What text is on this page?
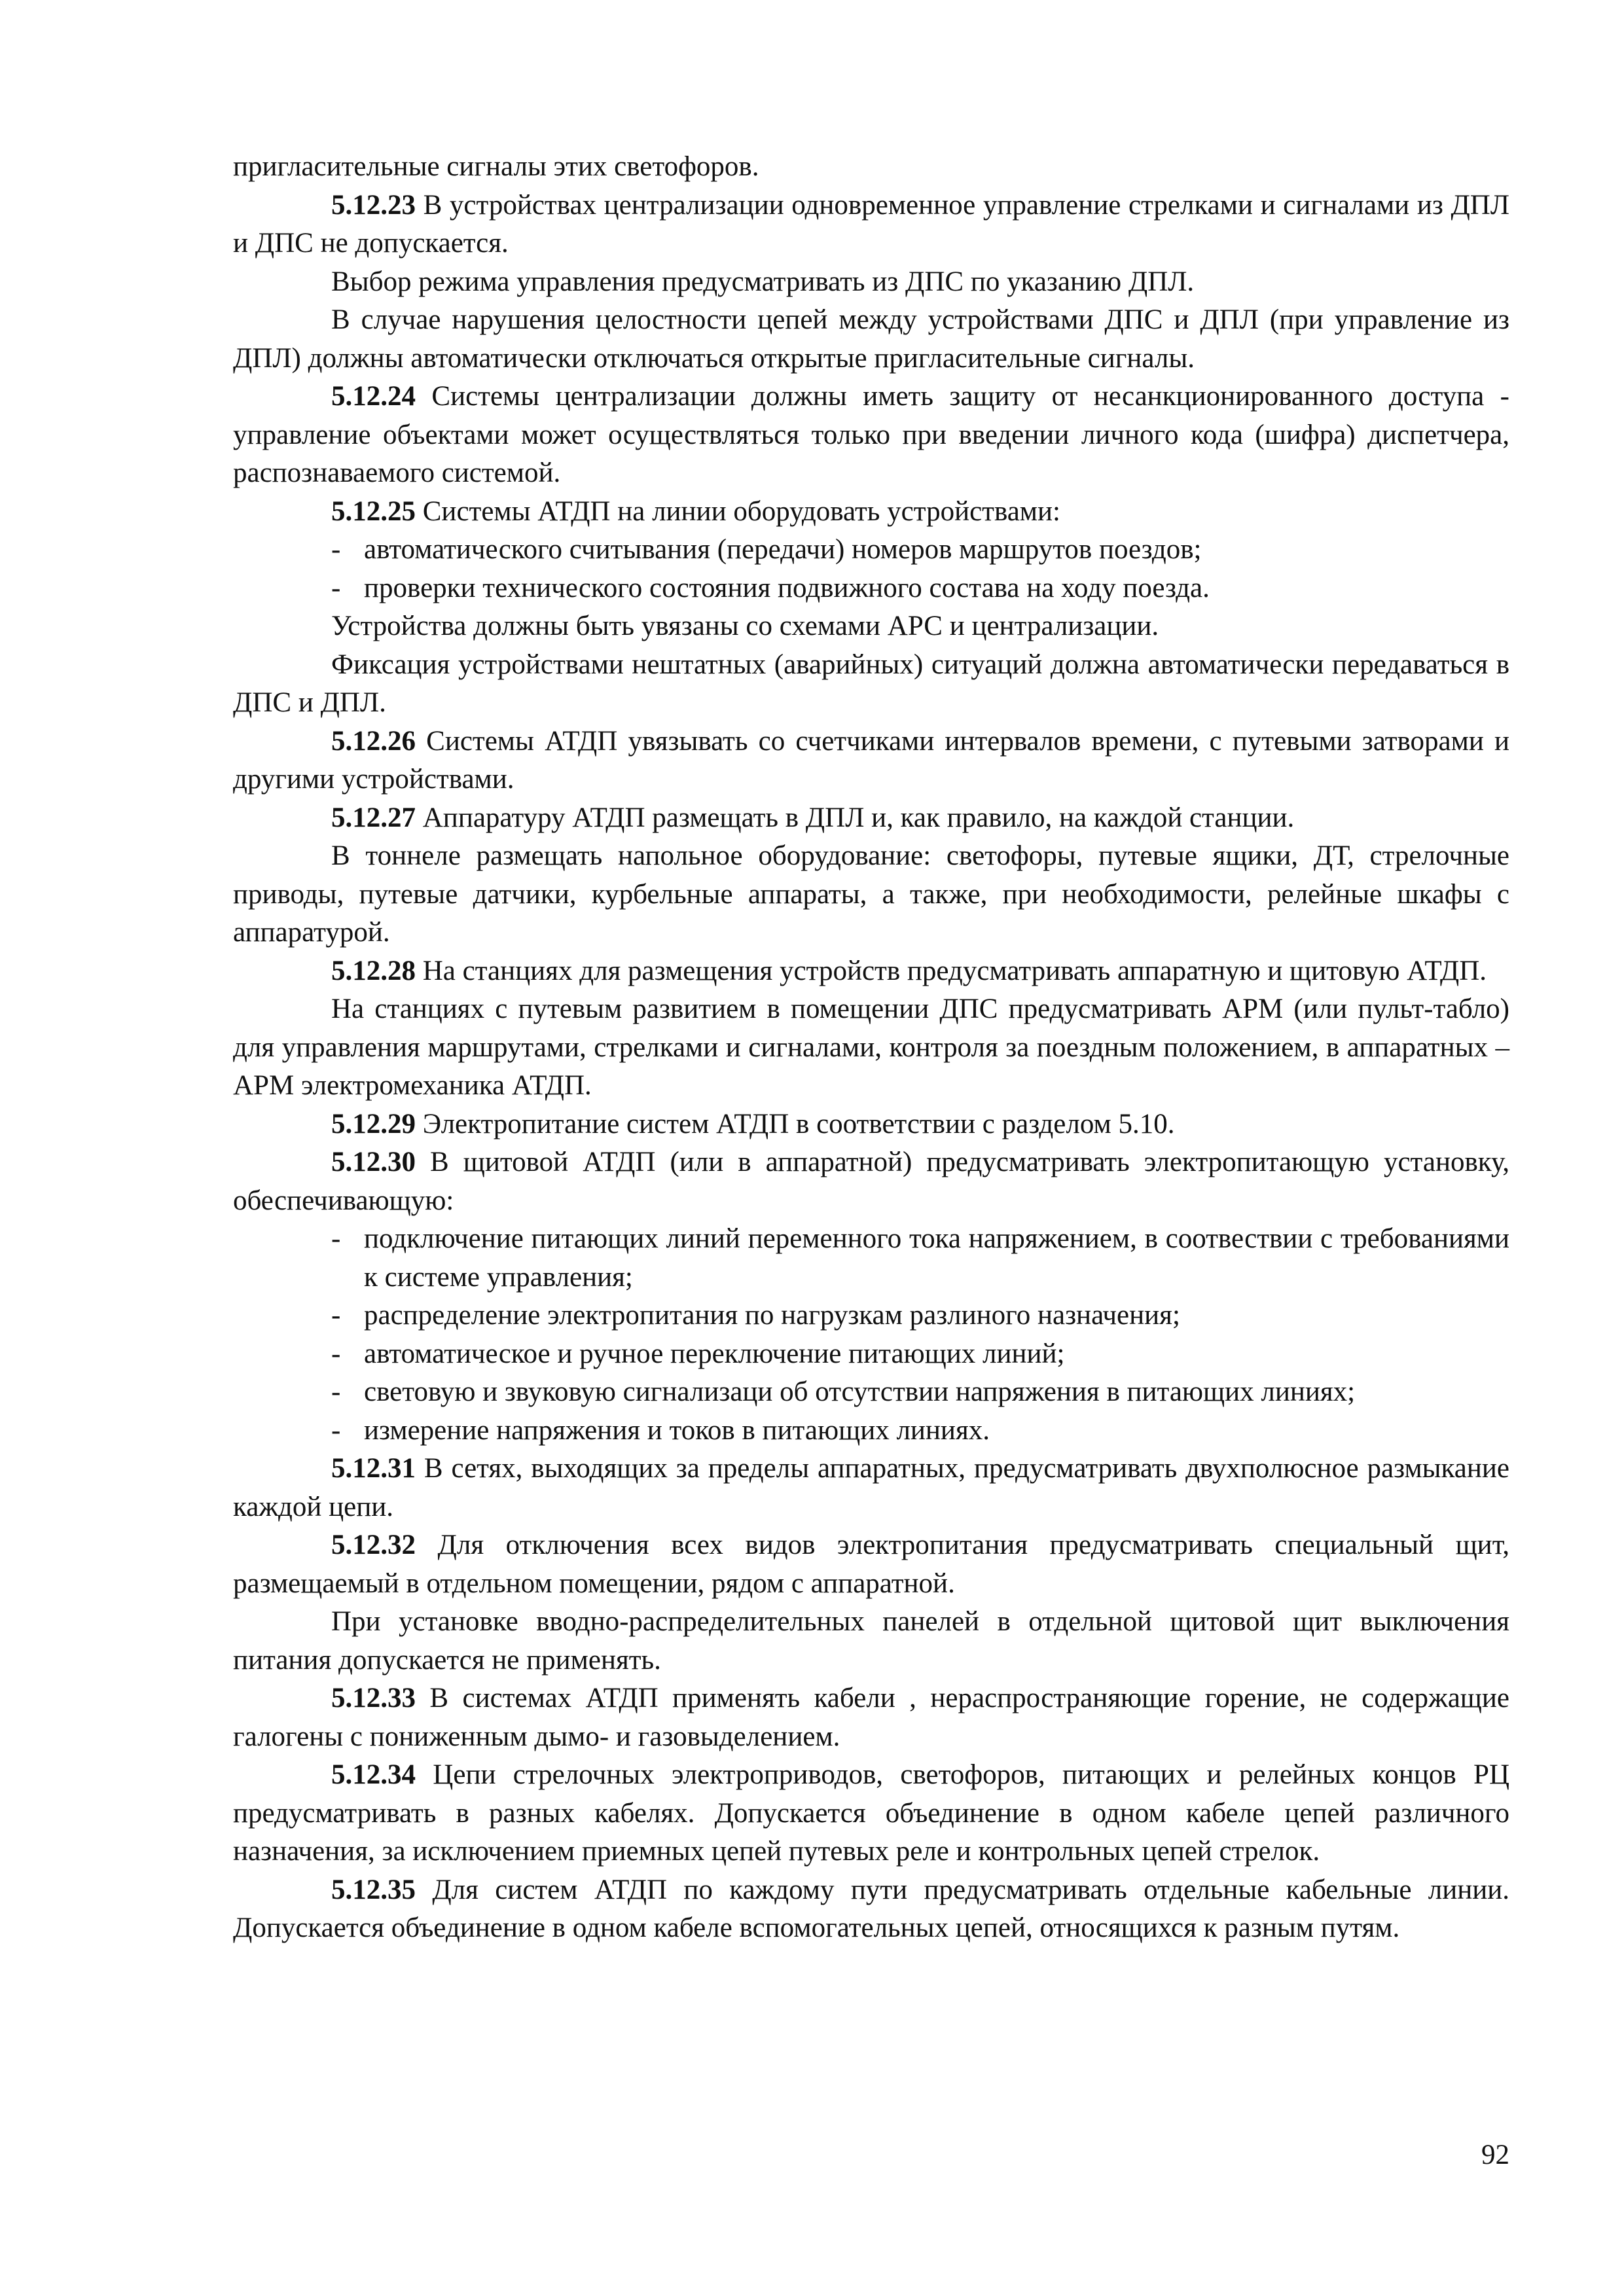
пригласительные сигналы этих светофоров.

5.12.23 В устройствах централизации одновременное управление стрелками и сигналами из ДПЛ и ДПС не допускается.

Выбор режима управления предусматривать из ДПС по указанию ДПЛ.

В случае нарушения целостности цепей между устройствами ДПС и ДПЛ (при управление из ДПЛ) должны автоматически отключаться открытые пригласительные сигналы.

5.12.24 Системы централизации должны иметь защиту от несанкционированного доступа - управление объектами может осуществляться только при введении личного кода (шифра) диспетчера, распознаваемого системой.

5.12.25 Системы АТДП на линии оборудовать устройствами:

- автоматического считывания (передачи) номеров маршрутов поездов;

- проверки технического состояния подвижного состава на ходу поезда.

Устройства должны быть увязаны со схемами АРС и централизации.

Фиксация устройствами нештатных (аварийных) ситуаций должна автоматически передаваться в ДПС и ДПЛ.

5.12.26 Системы АТДП увязывать со счетчиками интервалов времени, с путевыми затворами и другими устройствами.

5.12.27 Аппаратуру АТДП размещать в ДПЛ и, как правило, на каждой станции.

В тоннеле размещать напольное оборудование: светофоры, путевые ящики, ДТ, стрелочные приводы, путевые датчики, курбельные аппараты, а также, при необходимости, релейные шкафы с аппаратурой.

5.12.28 На станциях для размещения устройств предусматривать аппаратную и щитовую АТДП.

На станциях с путевым развитием в помещении ДПС предусматривать АРМ (или пульт-табло) для управления маршрутами, стрелками и сигналами, контроля за поездным положением, в аппаратных – АРМ электромеханика АТДП.

5.12.29 Электропитание систем АТДП в соответствии с разделом 5.10.

5.12.30 В щитовой АТДП (или в аппаратной) предусматривать электропитающую установку, обеспечивающую:

- подключение питающих линий переменного тока напряжением, в соотвествии с требованиями к системе управления;

- распределение электропитания по нагрузкам разлиного назначения;

- автоматическое и ручное переключение питающих линий;

- световую и звуковую сигнализаци об отсутствии напряжения в питающих линиях;

- измерение напряжения и токов в питающих линиях.

5.12.31 В сетях, выходящих за пределы аппаратных, предусматривать двухполюсное размыкание каждой цепи.

5.12.32 Для отключения всех видов электропитания предусматривать специальный щит, размещаемый в отдельном помещении, рядом с аппаратной.

При установке вводно-распределительных панелей в отдельной щитовой щит выключения питания допускается не применять.

5.12.33 В системах АТДП применять кабели , нераспространяющие горение, не содержащие галогены с пониженным дымо- и газовыделением.

5.12.34 Цепи стрелочных электроприводов, светофоров, питающих и релейных концов РЦ предусматривать в разных кабелях. Допускается объединение в одном кабеле цепей различного назначения, за исключением приемных цепей путевых реле и контрольных цепей стрелок.

5.12.35 Для систем АТДП по каждому пути предусматривать отдельные кабельные линии. Допускается объединение в одном кабеле вспомогательных цепей, относящихся к разным путям.

92
